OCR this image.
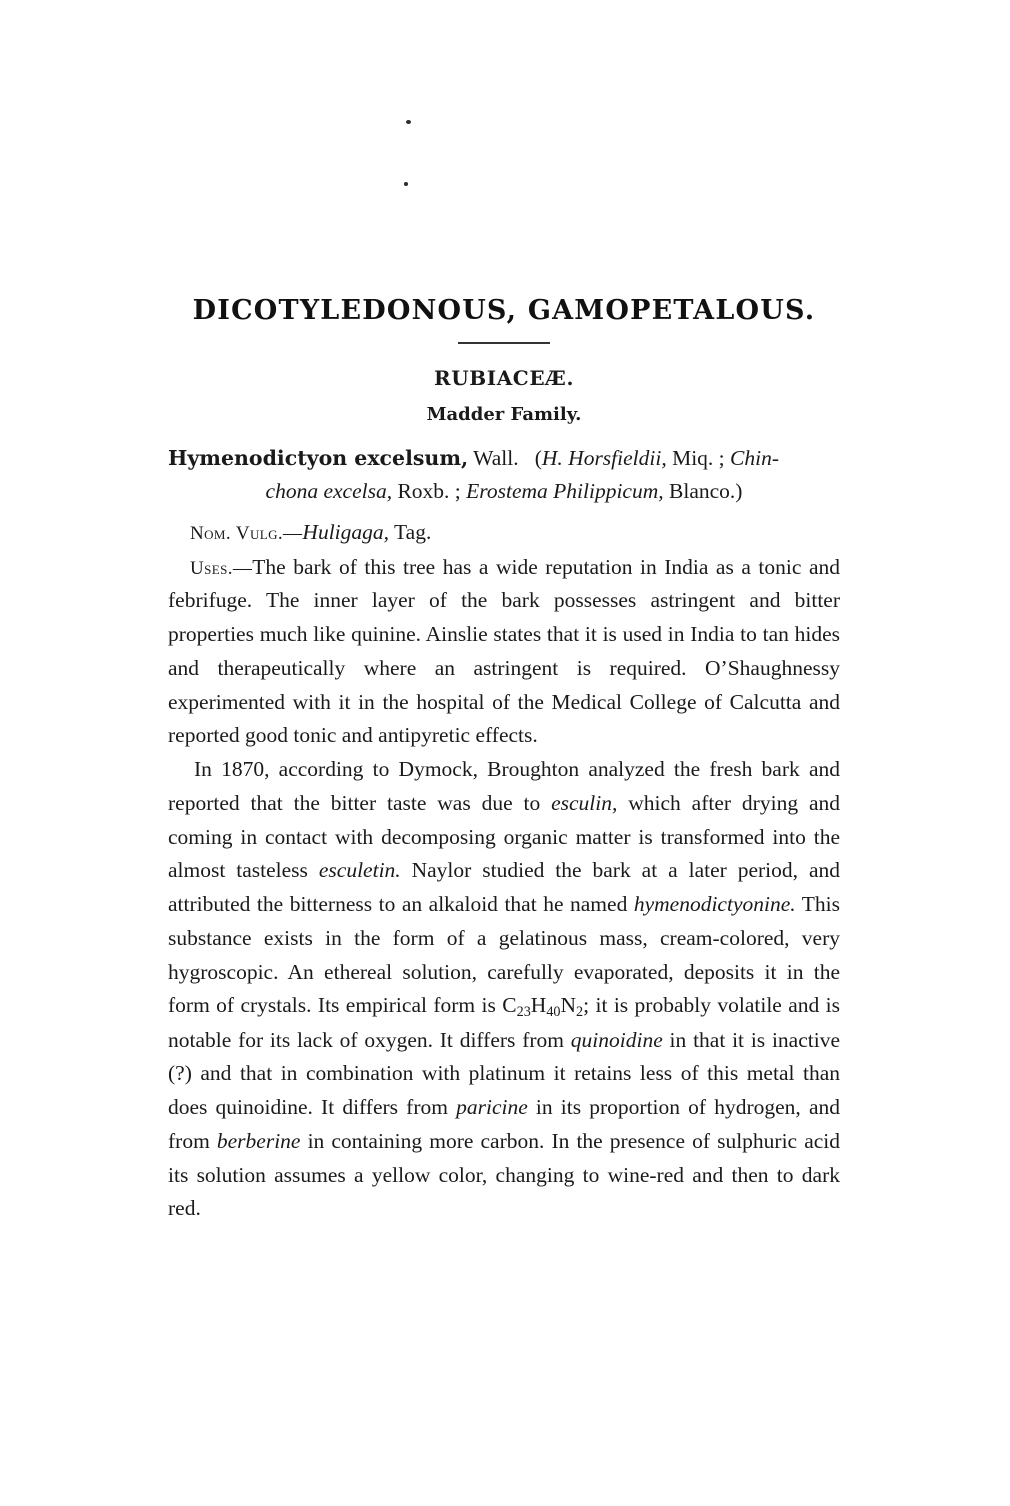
DICOTYLEDONOUS, GAMOPETALOUS.
RUBIACEÆ.
Madder Family.
Hymenodictyon excelsum, Wall. (H. Horsfieldii, Miq. ; Chin-
chona excelsa, Roxb. ; Erostema Philippicum, Blanco.)
Nom. Vulg.—Huligaga, Tag.

Uses.—The bark of this tree has a wide reputation in India as a tonic and febrifuge. The inner layer of the bark possesses astringent and bitter properties much like quinine. Ainslie states that it is used in India to tan hides and therapeutically where an astringent is required. O’Shaughnessy experimented with it in the hospital of the Medical College of Calcutta and reported good tonic and antipyretic effects.

In 1870, according to Dymock, Broughton analyzed the fresh bark and reported that the bitter taste was due to esculin, which after drying and coming in contact with decomposing organic matter is transformed into the almost tasteless esculetin. Naylor studied the bark at a later period, and attributed the bitterness to an alkaloid that he named hymenodictyonine. This substance exists in the form of a gelatinous mass, cream-colored, very hygroscopic. An ethereal solution, carefully evaporated, deposits it in the form of crystals. Its empirical form is $C_{23}H_{40}N_2$; it is probably volatile and is notable for its lack of oxygen. It differs from quinoidine in that it is inactive (?) and that in combination with platinum it retains less of this metal than does quinoidine. It differs from paricine in its proportion of hydrogen, and from berberine in containing more carbon. In the presence of sulphuric acid its solution assumes a yellow color, changing to wine-red and then to dark red.
